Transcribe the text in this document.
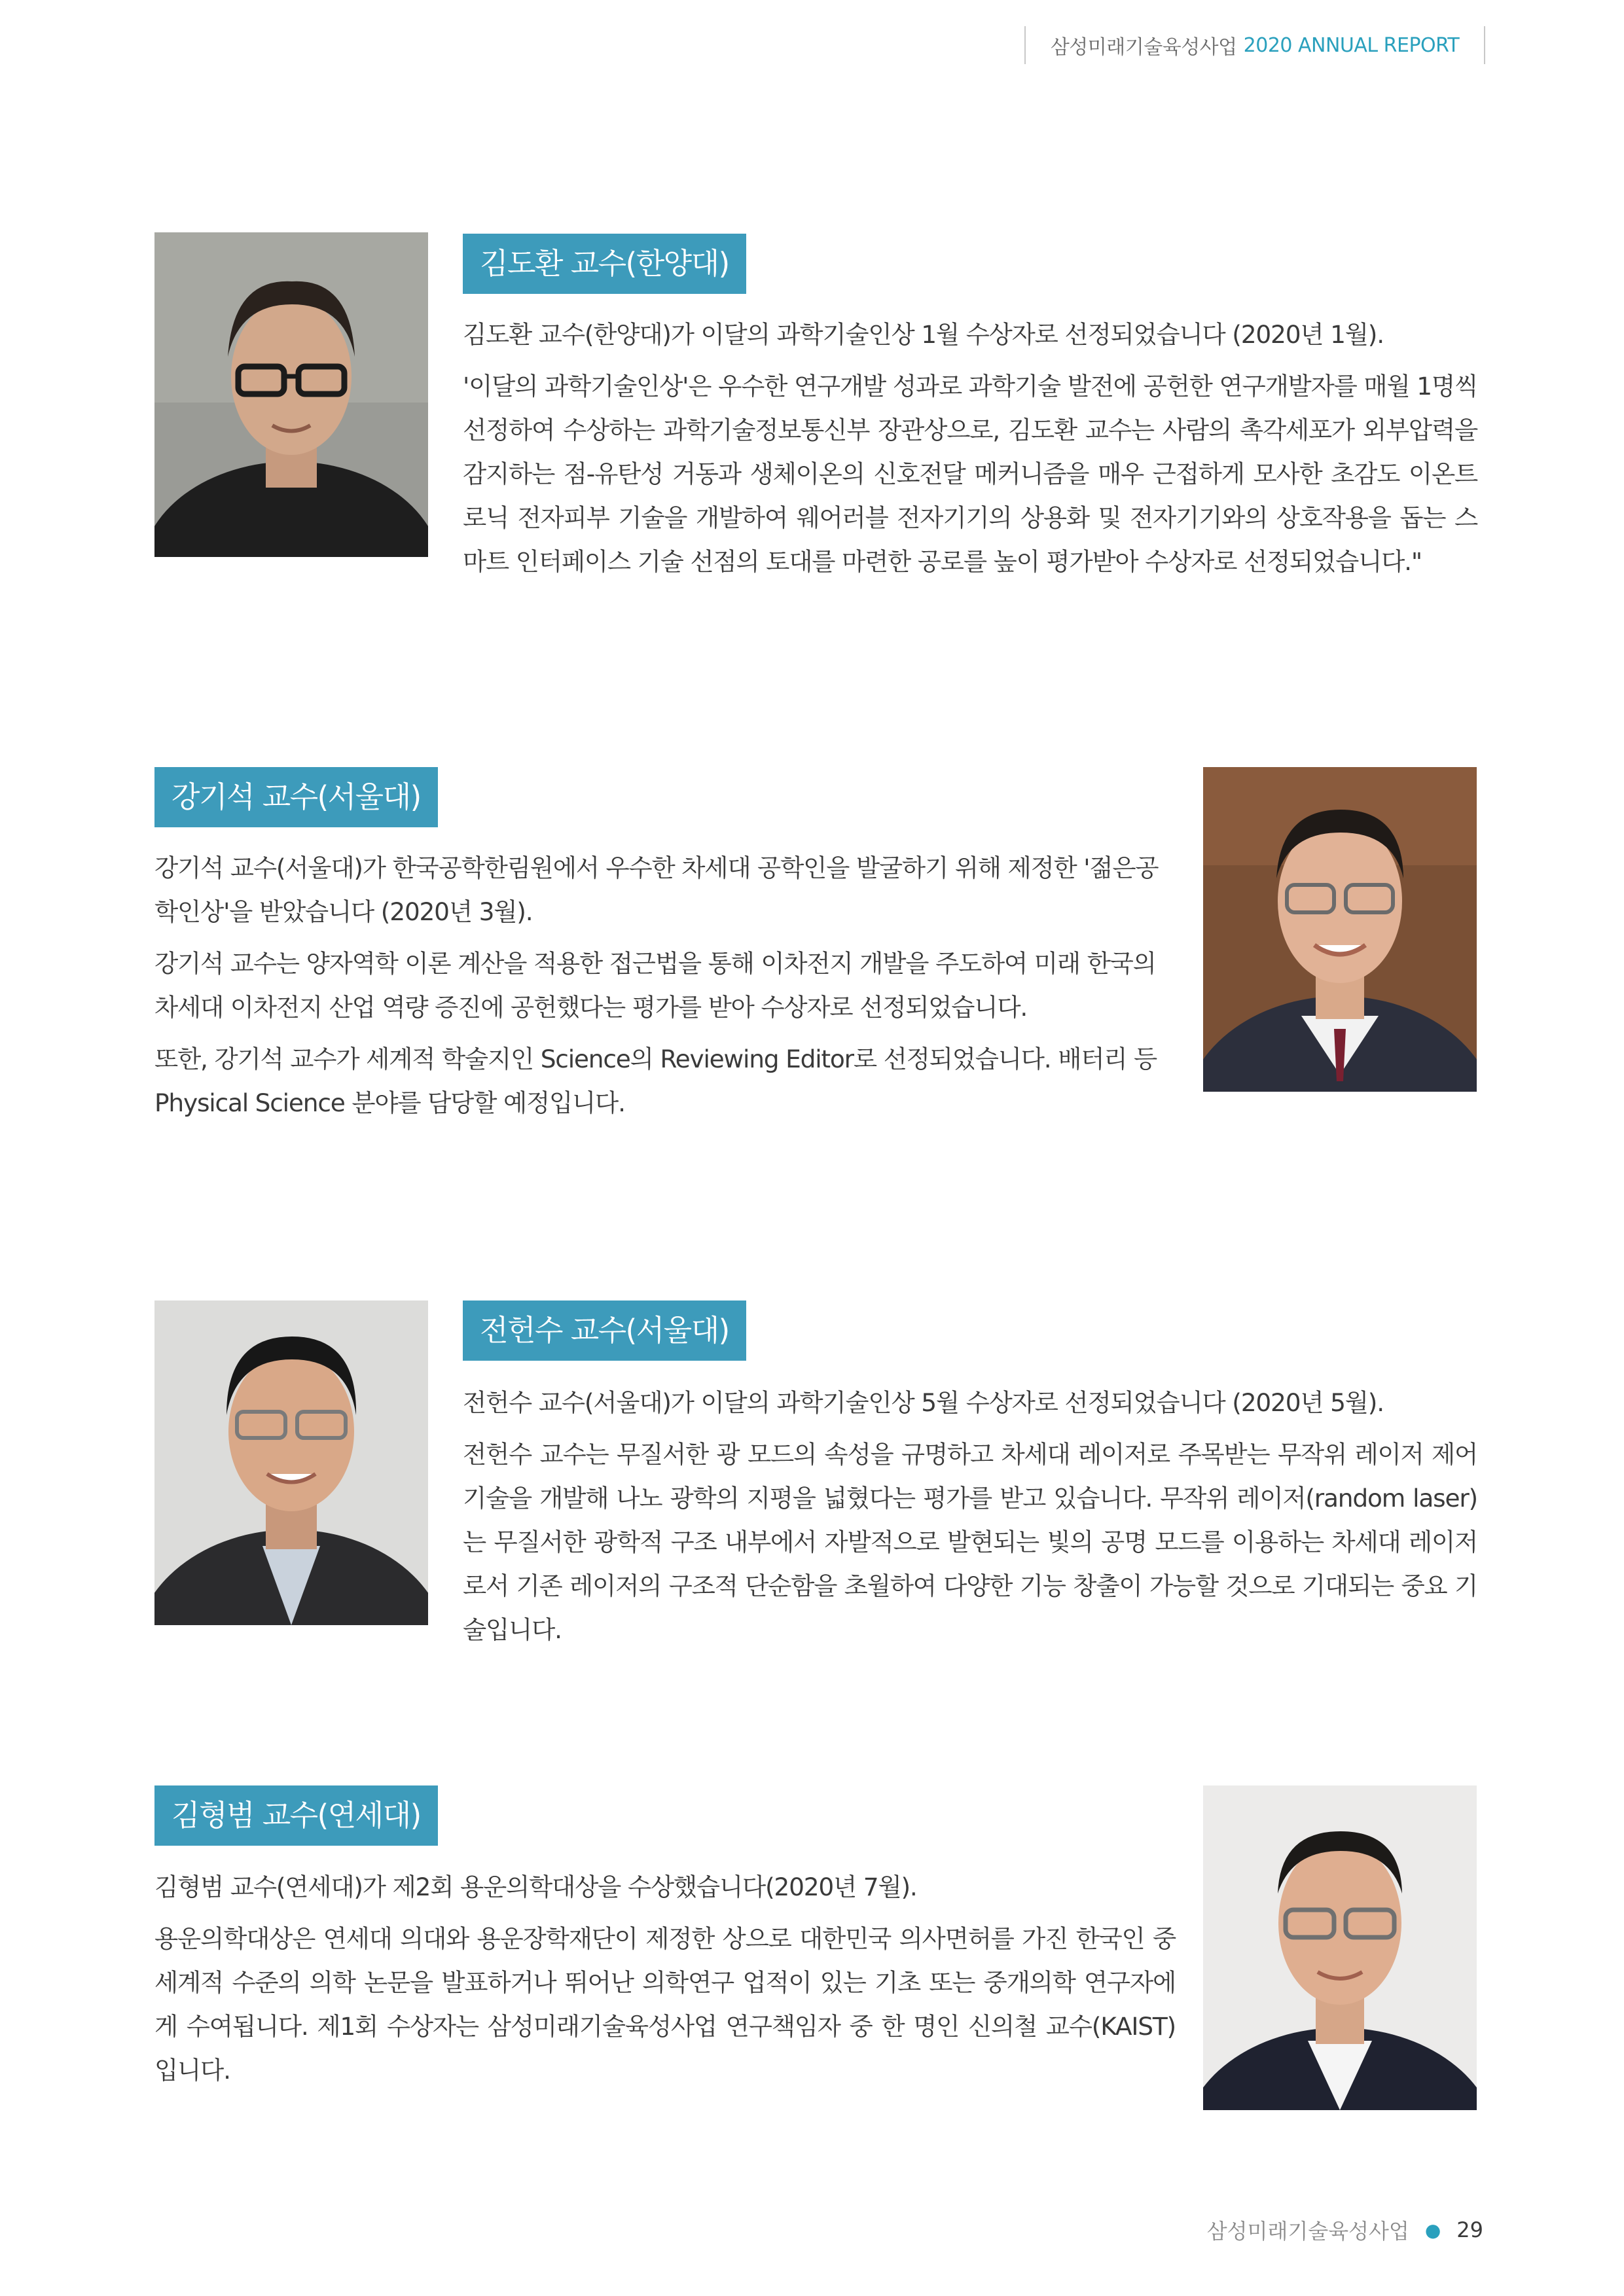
삼성미래기술육성사업 2020 ANNUAL REPORT
김도환 교수(한양대)

김도환 교수(한양대)가 이달의 과학기술인상 1월 수상자로 선정되었습니다 (2020년 1월).

'이달의 과학기술인상'은 우수한 연구개발 성과로 과학기술 발전에 공헌한 연구개발자를 매월 1명씩 선정하여 수상하는 과학기술정보통신부 장관상으로, 김도환 교수는 사람의 촉각세포가 외부압력을 감지하는 점-유탄성 거동과 생체이온의 신호전달 메커니즘을 매우 근접하게 모사한 초감도 이온트로닉 전자피부 기술을 개발하여 웨어러블 전자기기의 상용화 및 전자기기와의 상호작용을 돕는 스마트 인터페이스 기술 선점의 토대를 마련한 공로를 높이 평가받아 수상자로 선정되었습니다."

강기석 교수(서울대)

강기석 교수(서울대)가 한국공학한림원에서 우수한 차세대 공학인을 발굴하기 위해 제정한 '젊은공학인상'을 받았습니다 (2020년 3월).

강기석 교수는 양자역학 이론 계산을 적용한 접근법을 통해 이차전지 개발을 주도하여 미래 한국의 차세대 이차전지 산업 역량 증진에 공헌했다는 평가를 받아 수상자로 선정되었습니다.

또한, 강기석 교수가 세계적 학술지인 Science의 Reviewing Editor로 선정되었습니다. 배터리 등 Physical Science 분야를 담당할 예정입니다.

전헌수 교수(서울대)

전헌수 교수(서울대)가 이달의 과학기술인상 5월 수상자로 선정되었습니다 (2020년 5월).

전헌수 교수는 무질서한 광 모드의 속성을 규명하고 차세대 레이저로 주목받는 무작위 레이저 제어기술을 개발해 나노 광학의 지평을 넓혔다는 평가를 받고 있습니다. 무작위 레이저(random laser)는 무질서한 광학적 구조 내부에서 자발적으로 발현되는 빛의 공명 모드를 이용하는 차세대 레이저로서 기존 레이저의 구조적 단순함을 초월하여 다양한 기능 창출이 가능할 것으로 기대되는 중요 기술입니다.

김형범 교수(연세대)

김형범 교수(연세대)가 제2회 용운의학대상을 수상했습니다(2020년 7월).

용운의학대상은 연세대 의대와 용운장학재단이 제정한 상으로 대한민국 의사면허를 가진 한국인 중 세계적 수준의 의학 논문을 발표하거나 뛰어난 의학연구 업적이 있는 기초 또는 중개의학 연구자에게 수여됩니다. 제1회 수상자는 삼성미래기술육성사업 연구책임자 중 한 명인 신의철 교수(KAIST) 입니다.

삼성미래기술육성사업 ● 29
